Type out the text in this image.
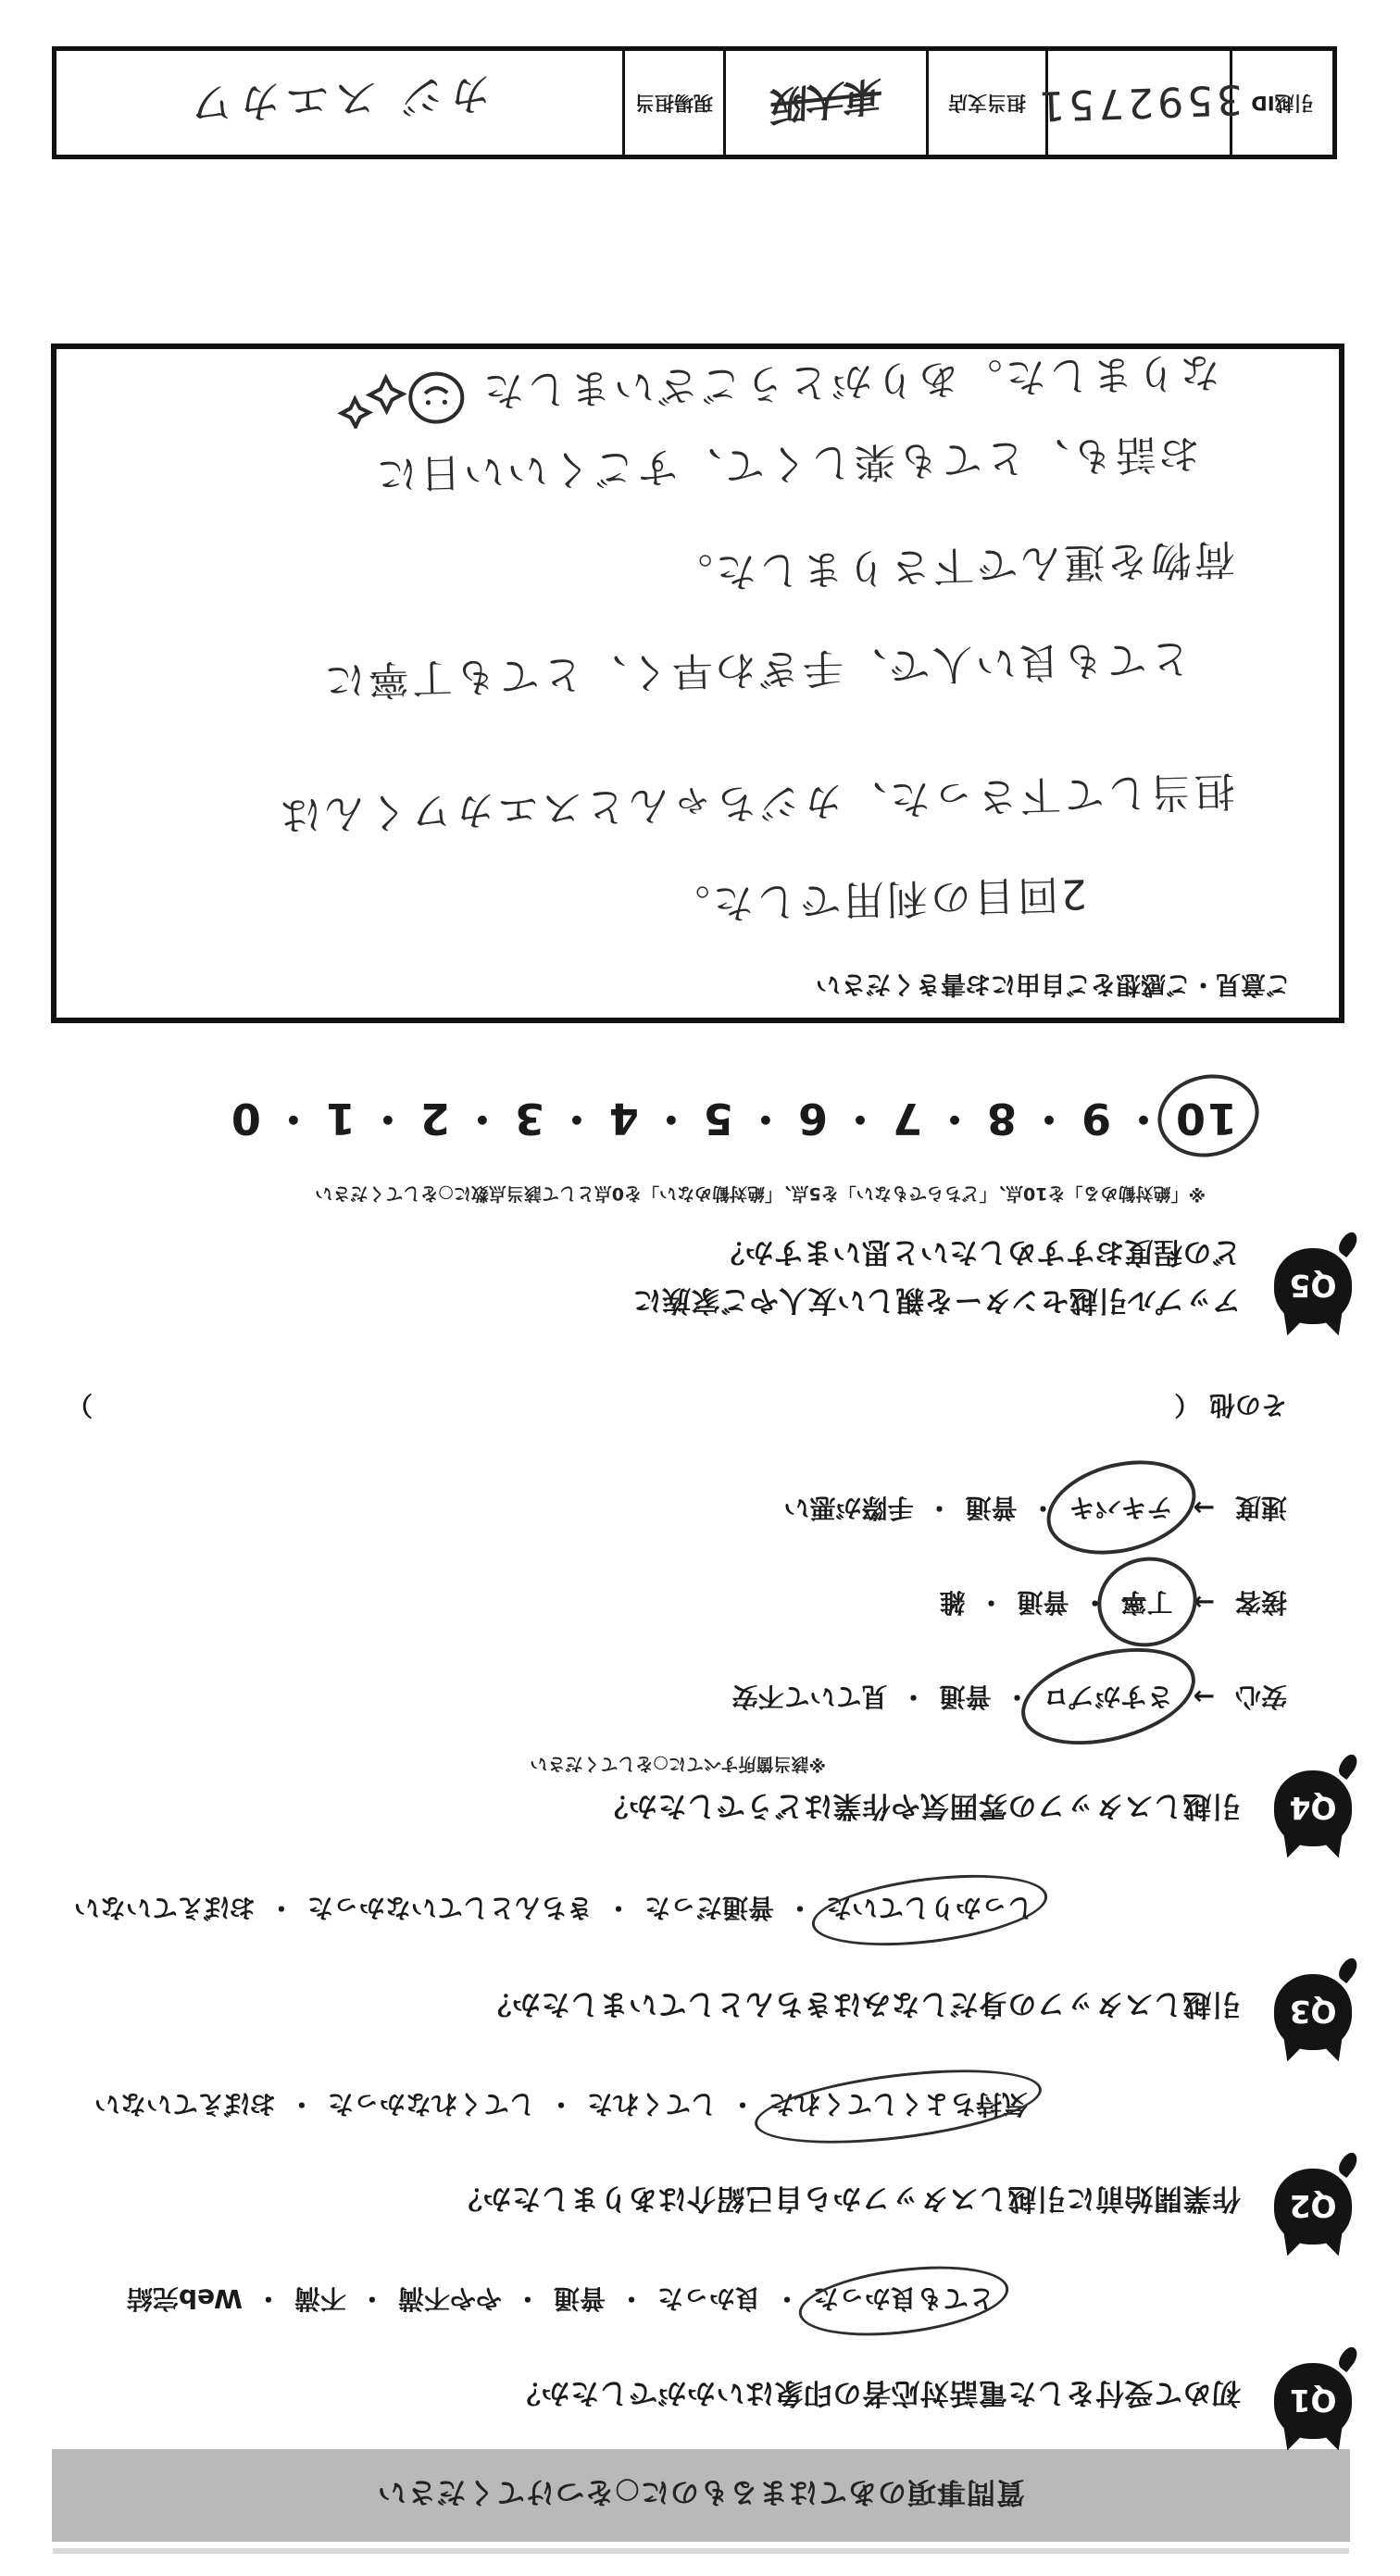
質問事項のあてはまるものに○をつけてください
Q1
初めて受付をした電話対応者の印象はいかがでしたか？
とても良かった・良かった・普通・やや不満・不満・Web完結
Q2
作業開始前に引越しスタッフから自己紹介はありましたか？
気持ちよくしてくれた・してくれた・してくれなかった・おぼえていない
Q3
引越しスタッフの身だしなみはきちんとしていましたか？
しっかりしていた・普通だった・きちんとしていなかった・おぼえていない
Q4
引越しスタッフの雰囲気や作業はどうでしたか？
※該当箇所すべてに○をしてください
安心→さすがプロ・普通・見ていて不安
接客→丁寧・普通・雑
速度→テキパキ・普通・手際が悪い
その他 （
）
Q5
アップル引越センターを親しい友人やご家族に
どの程度おすすめしたいと思いますか？
※「絶対勧める」を10点、「どちらでもない」を5点、「絶対勧めない」を0点として該当点数に○をしてください
10・9・8・7・6・5・4・3・2・1・0
ご意見・ご感想をご自由にお書きください
2回目の利用でした。
担当して下さった、カジちゃんとスエカワくんは
とても良い人で、手ぎわ早く、とても丁寧に
荷物を運んで下さりました。
お話も、とても楽しくて、すごくいい日に
なりました。ありがとうございました
引越ID
3592751
担当支店
東大阪
現場担当
カジ スエカワ
